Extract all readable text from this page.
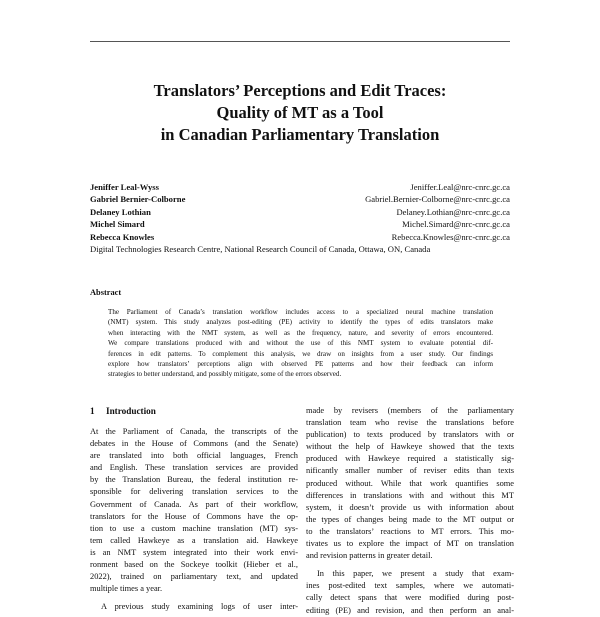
Translators’ Perceptions and Edit Traces:
Quality of MT as a Tool
in Canadian Parliamentary Translation
Jeniffer Leal-Wyss	Jeniffer.Leal@nrc-cnrc.gc.ca
Gabriel Bernier-Colborne	Gabriel.Bernier-Colborne@nrc-cnrc.gc.ca
Delaney Lothian	Delaney.Lothian@nrc-cnrc.gc.ca
Michel Simard	Michel.Simard@nrc-cnrc.gc.ca
Rebecca Knowles	Rebecca.Knowles@nrc-cnrc.gc.ca
Digital Technologies Research Centre, National Research Council of Canada, Ottawa, ON, Canada
Abstract
The Parliament of Canada’s translation workflow includes access to a specialized neural machine translation
(NMT) system. This study analyzes post-editing (PE) activity to identify the types of edits translators make
when interacting with the NMT system, as well as the frequency, nature, and severity of errors encountered.
We compare translations produced with and without the use of this NMT system to evaluate potential dif-
ferences in edit patterns. To complement this analysis, we draw on insights from a user study. Our findings
explore how translators’ perceptions align with observed PE patterns and how their feedback can inform
strategies to better understand, and possibly mitigate, some of the errors observed.
1 Introduction
At the Parliament of Canada, the transcripts of the
debates in the House of Commons (and the Senate)
are translated into both official languages, French
and English. These translation services are provided
by the Translation Bureau, the federal institution re-
sponsible for delivering translation services to the
Government of Canada. As part of their workflow,
translators for the House of Commons have the op-
tion to use a custom machine translation (MT) sys-
tem called Hawkeye as a translation aid. Hawkeye
is an NMT system integrated into their work envi-
ronment based on the Sockeye toolkit (Hieber et al.,
2022), trained on parliamentary text, and updated
multiple times a year.
A previous study examining logs of user inter-
made by revisers (members of the parliamentary
translation team who revise the translations before
publication) to texts produced by translators with or
without the help of Hawkeye showed that the texts
produced with Hawkeye required a statistically sig-
nificantly smaller number of reviser edits than texts
produced without. While that work quantifies some
differences in translations with and without this MT
system, it doesn’t provide us with information about
the types of changes being made to the MT output or
to the translators’ reactions to MT errors. This mo-
tivates us to explore the impact of MT on translation
and revision patterns in greater detail.
In this paper, we present a study that exam-
ines post-edited text samples, where we automati-
cally detect spans that were modified during post-
editing (PE) and revision, and then perform an anal-
